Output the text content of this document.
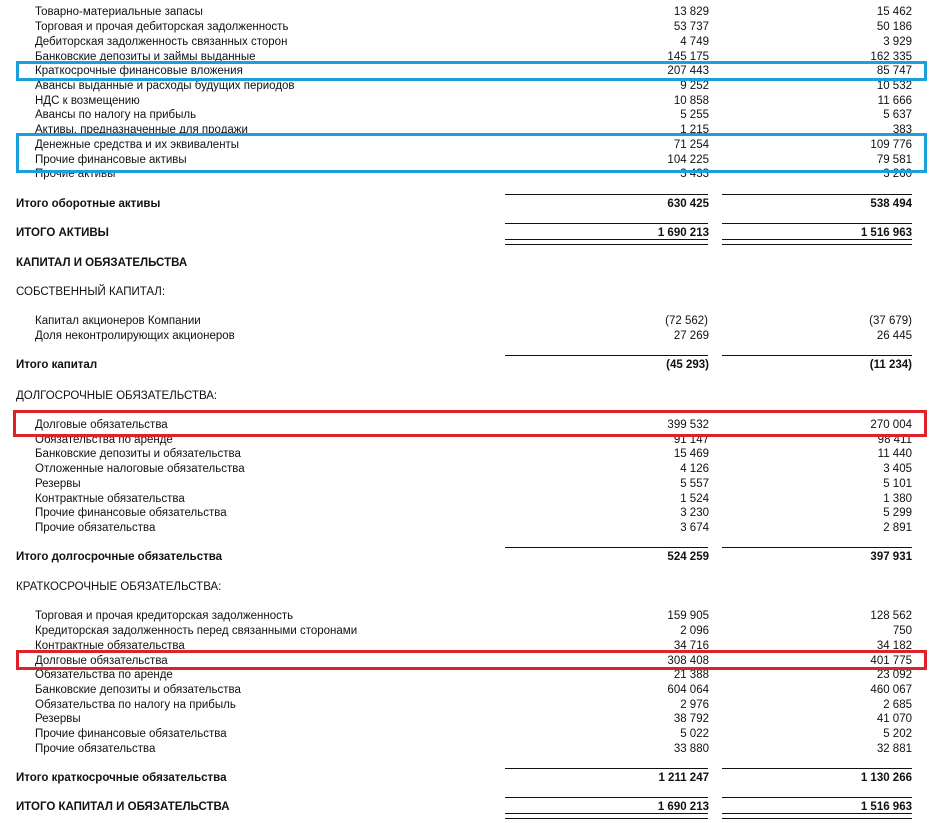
Товарно-материальные запасы	13 829	15 462
Торговая и прочая дебиторская задолженность	53 737	50 186
Дебиторская задолженность связанных сторон	4 749	3 929
Банковские депозиты и займы выданные	145 175	162 335
Краткосрочные финансовые вложения	207 443	85 747
Авансы выданные и расходы будущих периодов	9 252	10 532
НДС к возмещению	10 858	11 666
Авансы по налогу на прибыль	5 255	5 637
Активы, предназначенные для продажи	1 215	383
Денежные средства и их эквиваленты	71 254	109 776
Прочие финансовые активы	104 225	79 581
Прочие активы	3 433	3 260
Итого оборотные активы	630 425	538 494
ИТОГО АКТИВЫ	1 690 213	1 516 963
КАПИТАЛ И ОБЯЗАТЕЛЬСТВА
СОБСТВЕННЫЙ КАПИТАЛ:
Капитал акционеров Компании	(72 562)	(37 679)
Доля неконтролирующих акционеров	27 269	26 445
Итого капитал	(45 293)	(11 234)
ДОЛГОСРОЧНЫЕ ОБЯЗАТЕЛЬСТВА:
Долговые обязательства	399 532	270 004
Обязательства по аренде	91 147	98 411
Банковские депозиты и обязательства	15 469	11 440
Отложенные налоговые обязательства	4 126	3 405
Резервы	5 557	5 101
Контрактные обязательства	1 524	1 380
Прочие финансовые обязательства	3 230	5 299
Прочие обязательства	3 674	2 891
Итого долгосрочные обязательства	524 259	397 931
КРАТКОСРОЧНЫЕ ОБЯЗАТЕЛЬСТВА:
Торговая и прочая кредиторская задолженность	159 905	128 562
Кредиторская задолженность перед связанными сторонами	2 096	750
Контрактные обязательства	34 716	34 182
Долговые обязательства	308 408	401 775
Обязательства по аренде	21 388	23 092
Банковские депозиты и обязательства	604 064	460 067
Обязательства по налогу на прибыль	2 976	2 685
Резервы	38 792	41 070
Прочие финансовые обязательства	5 022	5 202
Прочие обязательства	33 880	32 881
Итого краткосрочные обязательства	1 211 247	1 130 266
ИТОГО КАПИТАЛ И ОБЯЗАТЕЛЬСТВА	1 690 213	1 516 963
